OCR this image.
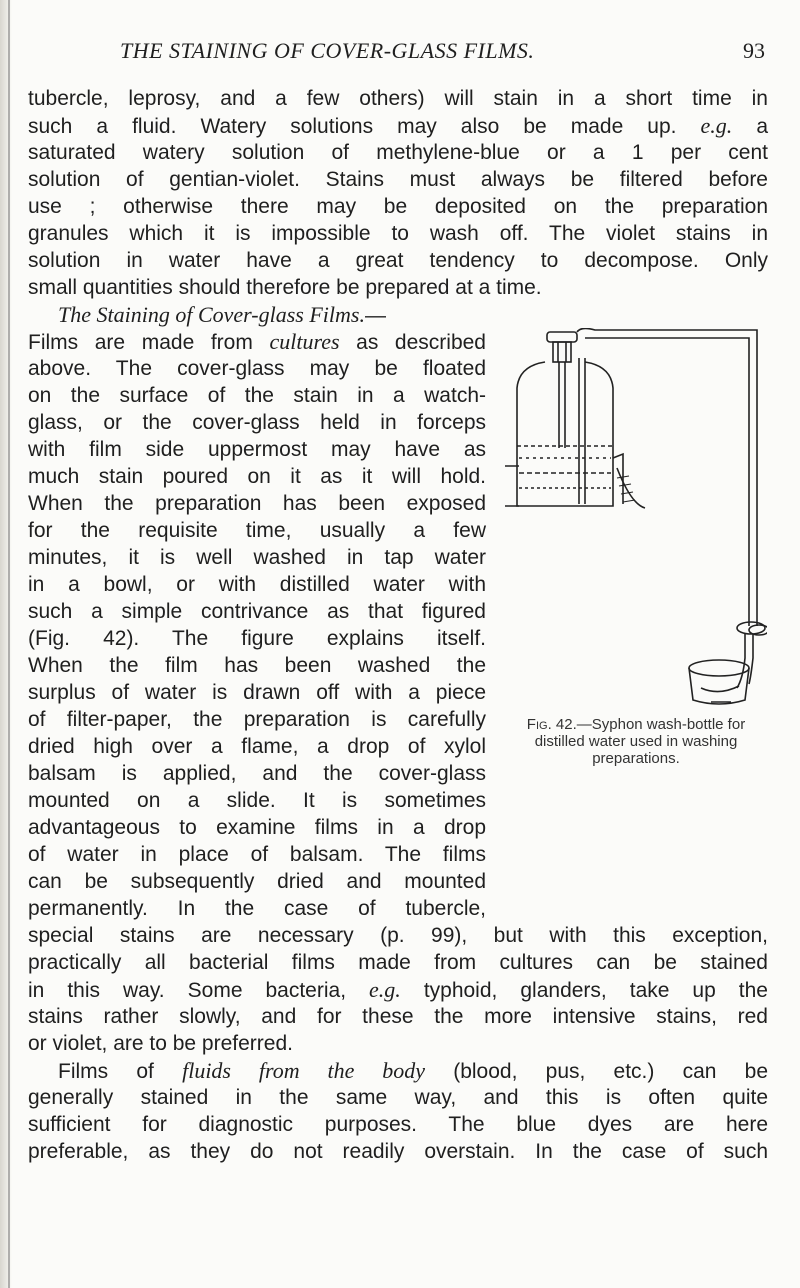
THE STAINING OF COVER-GLASS FILMS.	93
tubercle, leprosy, and a few others) will stain in a short time in
such a fluid. Watery solutions may also be made up. e.g. a
saturated watery solution of methylene-blue or a 1 per cent
solution of gentian-violet. Stains must always be filtered before
use ; otherwise there may be deposited on the preparation
granules which it is impossible to wash off. The violet stains in
solution in water have a great tendency to decompose. Only
small quantities should therefore be prepared at a time.
The Staining of Cover-glass Films.—
Films are made from cultures as described
above. The cover-glass may be floated
on the surface of the stain in a watch-
glass, or the cover-glass held in forceps
with film side uppermost may have as
much stain poured on it as it will hold.
When the preparation has been exposed
for the requisite time, usually a few
minutes, it is well washed in tap water
in a bowl, or with distilled water with
such a simple contrivance as that figured
(Fig. 42). The figure explains itself.
When the film has been washed the
surplus of water is drawn off with a piece
of filter-paper, the preparation is carefully
dried high over a flame, a drop of xylol
balsam is applied, and the cover-glass
mounted on a slide. It is sometimes
advantageous to examine films in a drop
of water in place of balsam. The films
can be subsequently dried and mounted
permanently. In the case of tubercle,
special stains are necessary (p. 99), but with this exception,
practically all bacterial films made from cultures can be stained
in this way. Some bacteria, e.g. typhoid, glanders, take up the
stains rather slowly, and for these the more intensive stains, red
or violet, are to be preferred.
Films of fluids from the body (blood, pus, etc.) can be
generally stained in the same way, and this is often quite
sufficient for diagnostic purposes. The blue dyes are here
preferable, as they do not readily overstain. In the case of such
Fig. 42.—Syphon wash-bottle for distilled water used in washing preparations.
